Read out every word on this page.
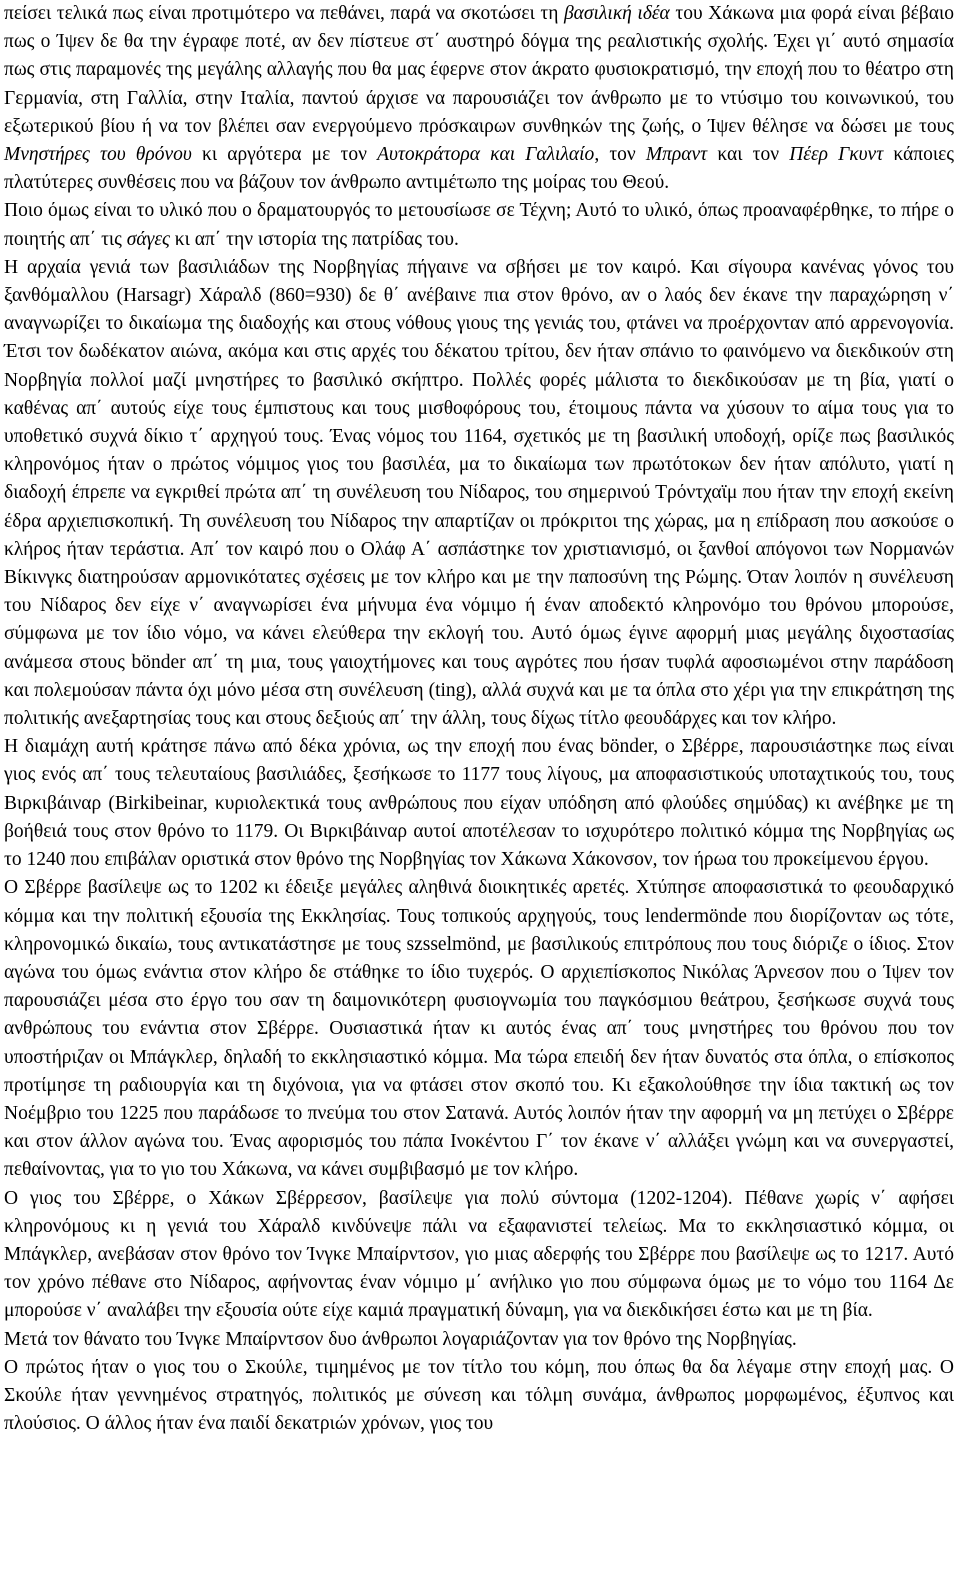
πείσει τελικά πως είναι προτιμότερο να πεθάνει, παρά να σκοτώσει τη βασιλική ιδέα του Χάκωνα μια φορά είναι βέβαιο πως ο Ίψεν δε θα την έγραφε ποτέ, αν δεν πίστευε στ΄ αυστηρό δόγμα της ρεαλιστικής σχολής. Έχει γι΄ αυτό σημασία πως στις παραμονές της μεγάλης αλλαγής που θα μας έφερνε στον άκρατο φυσιοκρατισμό, την εποχή που το θέατρο στη Γερμανία, στη Γαλλία, στην Ιταλία, παντού άρχισε να παρουσιάζει τον άνθρωπο με το ντύσιμο του κοινωνικού, του εξωτερικού βίου ή να τον βλέπει σαν ενεργούμενο πρόσκαιρων συνθηκών της ζωής, ο Ίψεν θέλησε να δώσει με τους Μνηστήρες του θρόνου κι αργότερα με τον Αυτοκράτορα και Γαλιλαίο, τον Μπραντ και τον Πέερ Γκυντ κάποιες πλατύτερες συνθέσεις που να βάζουν τον άνθρωπο αντιμέτωπο της μοίρας του Θεού.

Ποιο όμως είναι το υλικό που ο δραματουργός το μετουσίωσε σε Τέχνη; Αυτό το υλικό, όπως προαναφέρθηκε, το πήρε ο ποιητής απ΄ τις σάγες κι απ΄ την ιστορία της πατρίδας του.

Η αρχαία γενιά των βασιλιάδων της Νορβηγίας πήγαινε να σβήσει με τον καιρό. Και σίγουρα κανένας γόνος του ξανθόμαλλου (Harsagr) Χάραλδ (860=930) δε θ΄ ανέβαινε πια στον θρόνο, αν ο λαός δεν έκανε την παραχώρηση ν΄ αναγνωρίζει το δικαίωμα της διαδοχής και στους νόθους γιους της γενιάς του, φτάνει να προέρχονταν από αρρενογονία. Έτσι τον δωδέκατον αιώνα, ακόμα και στις αρχές του δέκατου τρίτου, δεν ήταν σπάνιο το φαινόμενο να διεκδικούν στη Νορβηγία πολλοί μαζί μνηστήρες το βασιλικό σκήπτρο. Πολλές φορές μάλιστα το διεκδικούσαν με τη βία, γιατί ο καθένας απ΄ αυτούς είχε τους έμπιστους και τους μισθοφόρους του, έτοιμους πάντα να χύσουν το αίμα τους για το υποθετικό συχνά δίκιο τ΄ αρχηγού τους. Ένας νόμος του 1164, σχετικός με τη βασιλική υποδοχή, ορίζε πως βασιλικός κληρονόμος ήταν ο πρώτος νόμιμος γιος του βασιλέα, μα το δικαίωμα των πρωτότοκων δεν ήταν απόλυτο, γιατί η διαδοχή έπρεπε να εγκριθεί πρώτα απ΄ τη συνέλευση του Νίδαρος, του σημερινού Τρόντχαϊμ που ήταν την εποχή εκείνη έδρα αρχιεπισκοπική. Τη συνέλευση του Νίδαρος την απαρτίζαν οι πρόκριτοι της χώρας, μα η επίδραση που ασκούσε ο κλήρος ήταν τεράστια. Απ΄ τον καιρό που ο Ολάφ Α΄ ασπάστηκε τον χριστιανισμό, οι ξανθοί απόγονοι των Νορμανών Βίκινγκς διατηρούσαν αρμονικότατες σχέσεις με τον κλήρο και με την παποσύνη της Ρώμης. Όταν λοιπόν η συνέλευση του Νίδαρος δεν είχε ν΄ αναγνωρίσει ένα μήνυμα ένα νόμιμο ή έναν αποδεκτό κληρονόμο του θρόνου μπορούσε, σύμφωνα με τον ίδιο νόμο, να κάνει ελεύθερα την εκλογή του. Αυτό όμως έγινε αφορμή μιας μεγάλης διχοστασίας ανάμεσα στους bönder απ΄ τη μια, τους γαιοχτήμονες και τους αγρότες που ήσαν τυφλά αφοσιωμένοι στην παράδοση και πολεμούσαν πάντα όχι μόνο μέσα στη συνέλευση (ting), αλλά συχνά και με τα όπλα στο χέρι για την επικράτηση της πολιτικής ανεξαρτησίας τους και στους δεξιούς απ΄ την άλλη, τους δίχως τίτλο φεουδάρχες και τον κλήρο.

Η διαμάχη αυτή κράτησε πάνω από δέκα χρόνια, ως την εποχή που ένας bönder, ο Σβέρρε, παρουσιάστηκε πως είναι γιος ενός απ΄ τους τελευταίους βασιλιάδες, ξεσήκωσε το 1177 τους λίγους, μα αποφασιστικούς υποταχτικούς του, τους Βιρκιβάιναρ (Birkibeinar, κυριολεκτικά τους ανθρώπους που είχαν υπόδηση από φλούδες σημύδας) κι ανέβηκε με τη βοήθειά τους στον θρόνο το 1179. Οι Βιρκιβάιναρ αυτοί αποτέλεσαν το ισχυρότερο πολιτικό κόμμα της Νορβηγίας ως το 1240 που επιβάλαν οριστικά στον θρόνο της Νορβηγίας τον Χάκωνα Χάκονσον, τον ήρωα του προκείμενου έργου.

Ο Σβέρρε βασίλεψε ως το 1202 κι έδειξε μεγάλες αληθινά διοικητικές αρετές. Χτύπησε αποφασιστικά το φεουδαρχικό κόμμα και την πολιτική εξουσία της Εκκλησίας. Τους τοπικούς αρχηγούς, τους lendermönde που διορίζονταν ως τότε, κληρονομικώ δικαίω, τους αντικατάστησε με τους szsselmönd, με βασιλικούς επιτρόπους που τους διόριζε ο ίδιος. Στον αγώνα του όμως ενάντια στον κλήρο δε στάθηκε το ίδιο τυχερός. Ο αρχιεπίσκοπος Νικόλας Άρνεσον που ο Ίψεν τον παρουσιάζει μέσα στο έργο του σαν τη δαιμονικότερη φυσιογνωμία του παγκόσμιου θεάτρου, ξεσήκωσε συχνά τους ανθρώπους του ενάντια στον Σβέρρε. Ουσιαστικά ήταν κι αυτός ένας απ΄ τους μνηστήρες του θρόνου που τον υποστήριζαν οι Μπάγκλερ, δηλαδή το εκκλησιαστικό κόμμα. Μα τώρα επειδή δεν ήταν δυνατός στα όπλα, ο επίσκοπος προτίμησε τη ραδιουργία και τη διχόνοια, για να φτάσει στον σκοπό του. Κι εξακολούθησε την ίδια τακτική ως τον Νοέμβριο του 1225 που παράδωσε το πνεύμα του στον Σατανά. Αυτός λοιπόν ήταν την αφορμή να μη πετύχει ο Σβέρρε και στον άλλον αγώνα του. Ένας αφορισμός του πάπα Ινοκέντου Γ΄ τον έκανε ν΄ αλλάξει γνώμη και να συνεργαστεί, πεθαίνοντας, για το γιο του Χάκωνα, να κάνει συμβιβασμό με τον κλήρο.

Ο γιος του Σβέρρε, ο Χάκων Σβέρρεσον, βασίλεψε για πολύ σύντομα (1202-1204). Πέθανε χωρίς ν΄ αφήσει κληρονόμους κι η γενιά του Χάραλδ κινδύνεψε πάλι να εξαφανιστεί τελείως. Μα το εκκλησιαστικό κόμμα, οι Μπάγκλερ, ανεβάσαν στον θρόνο τον Ίνγκε Μπαίρντσον, γιο μιας αδερφής του Σβέρρε που βασίλεψε ως το 1217. Αυτό τον χρόνο πέθανε στο Νίδαρος, αφήνοντας έναν νόμιμο μ΄ ανήλικο γιο που σύμφωνα όμως με το νόμο του 1164 Δε μπορούσε ν΄ αναλάβει την εξουσία ούτε είχε καμιά πραγματική δύναμη, για να διεκδικήσει έστω και με τη βία.

Μετά τον θάνατο του Ίνγκε Μπαίρντσον δυο άνθρωποι λογαριάζονταν για τον θρόνο της Νορβηγίας.

Ο πρώτος ήταν ο γιος του ο Σκούλε, τιμημένος με τον τίτλο του κόμη, που όπως θα δα λέγαμε στην εποχή μας. Ο Σκούλε ήταν γεννημένος στρατηγός, πολιτικός με σύνεση και τόλμη συνάμα, άνθρωπος μορφωμένος, έξυπνος και πλούσιος. Ο άλλος ήταν ένα παιδί δεκατριών χρόνων, γιος του
